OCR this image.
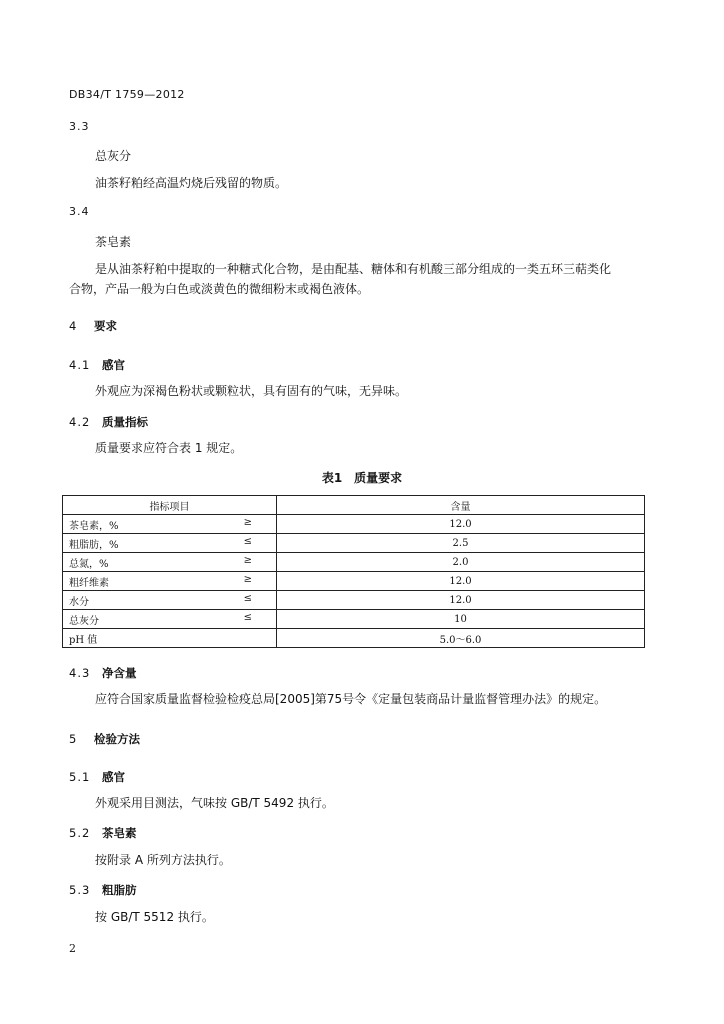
DB34/T 1759—2012
3.3
总灰分
油茶籽粕经高温灼烧后残留的物质。
3.4
茶皂素
是从油茶籽粕中提取的一种糖式化合物，是由配基、糖体和有机酸三部分组成的一类五环三萜类化
合物，产品一般为白色或淡黄色的微细粉末或褐色液体。
4 要求
4.1 感官
外观应为深褐色粉状或颗粒状，具有固有的气味，无异味。
4.2 质量指标
质量要求应符合表 1 规定。
表1　质量要求
指标项目	含量

茶皂素，% ≥	12.0

粗脂肪，% ≤	2.5

总氮，% ≥	2.0

粗纤维素 ≥	12.0

水分 ≤	12.0

总灰分 ≤	10

pH 值	5.0～6.0
4.3 净含量
应符合国家质量监督检验检疫总局[2005]第75号令《定量包装商品计量监督管理办法》的规定。
5 检验方法
5.1 感官
外观采用目测法，气味按 GB/T 5492 执行。
5.2 茶皂素
按附录 A 所列方法执行。
5.3 粗脂肪
按 GB/T 5512 执行。
2
